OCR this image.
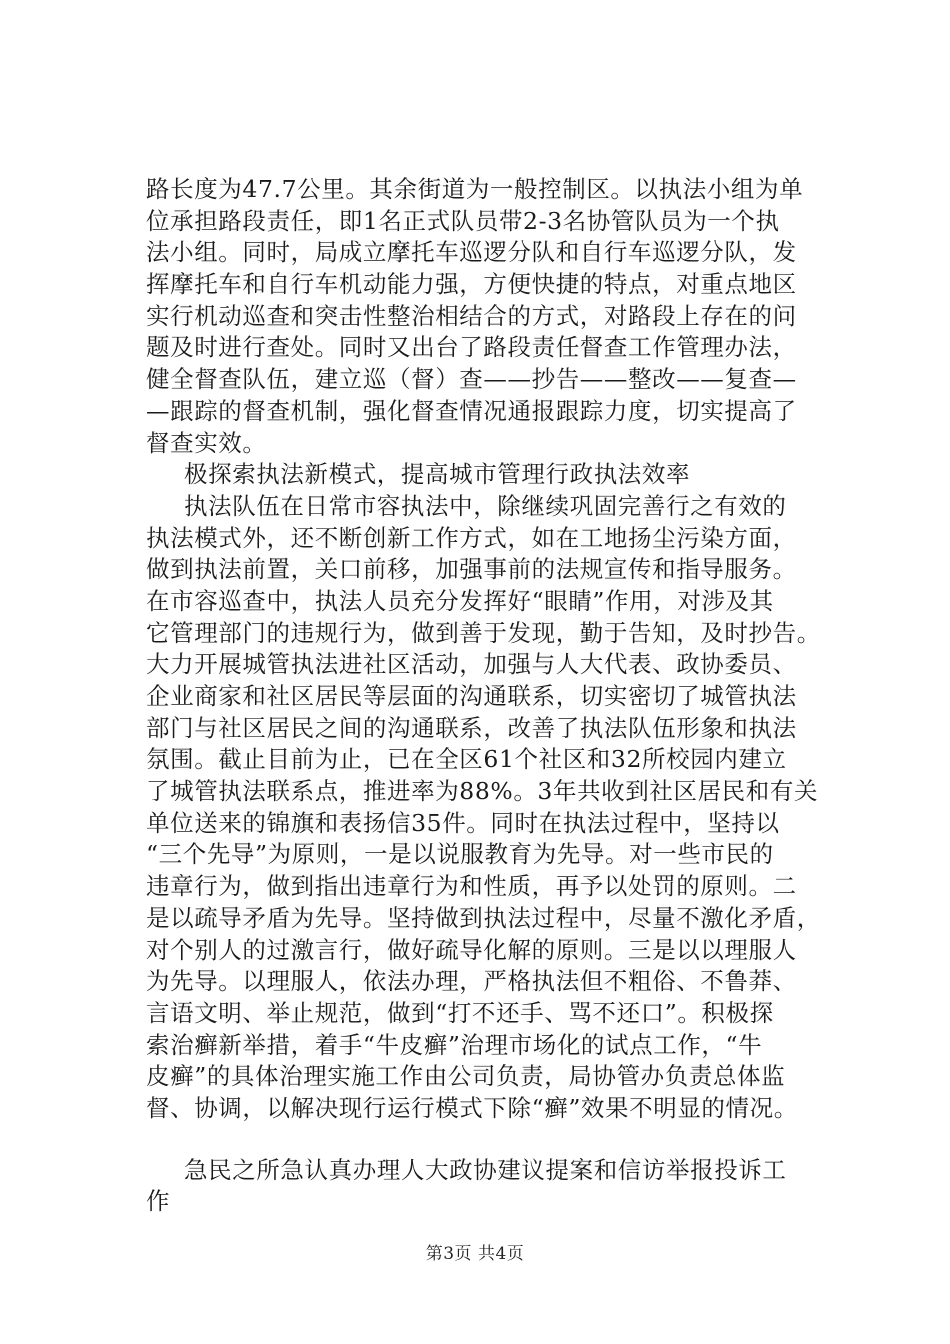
路长度为47.7公里。其余街道为一般控制区。以执法小组为单
位承担路段责任，即1名正式队员带2-3名协管队员为一个执
法小组。同时，局成立摩托车巡逻分队和自行车巡逻分队，发
挥摩托车和自行车机动能力强，方便快捷的特点，对重点地区
实行机动巡查和突击性整治相结合的方式，对路段上存在的问
题及时进行查处。同时又出台了路段责任督查工作管理办法，
健全督查队伍，建立巡（督）查——抄告——整改——复查—
—跟踪的督查机制，强化督查情况通报跟踪力度，切实提高了
督查实效。
极探索执法新模式，提高城市管理行政执法效率
执法队伍在日常市容执法中，除继续巩固完善行之有效的
执法模式外，还不断创新工作方式，如在工地扬尘污染方面，
做到执法前置，关口前移，加强事前的法规宣传和指导服务。
在市容巡查中，执法人员充分发挥好“眼睛”作用，对涉及其
它管理部门的违规行为，做到善于发现，勤于告知，及时抄告。
大力开展城管执法进社区活动，加强与人大代表、政协委员、
企业商家和社区居民等层面的沟通联系，切实密切了城管执法
部门与社区居民之间的沟通联系，改善了执法队伍形象和执法
氛围。截止目前为止，已在全区61个社区和32所校园内建立
了城管执法联系点，推进率为88%。3年共收到社区居民和有关
单位送来的锦旗和表扬信35件。同时在执法过程中，坚持以
“三个先导”为原则，一是以说服教育为先导。对一些市民的
违章行为，做到指出违章行为和性质，再予以处罚的原则。二
是以疏导矛盾为先导。坚持做到执法过程中，尽量不激化矛盾，
对个别人的过激言行，做好疏导化解的原则。三是以以理服人
为先导。以理服人，依法办理，严格执法但不粗俗、不鲁莽、
言语文明、举止规范，做到“打不还手、骂不还口”。积极探
索治癣新举措，着手“牛皮癣”治理市场化的试点工作，“牛
皮癣”的具体治理实施工作由公司负责，局协管办负责总体监
督、协调，以解决现行运行模式下除“癣”效果不明显的情况。
急民之所急认真办理人大政协建议提案和信访举报投诉工
作
第3页 共4页
